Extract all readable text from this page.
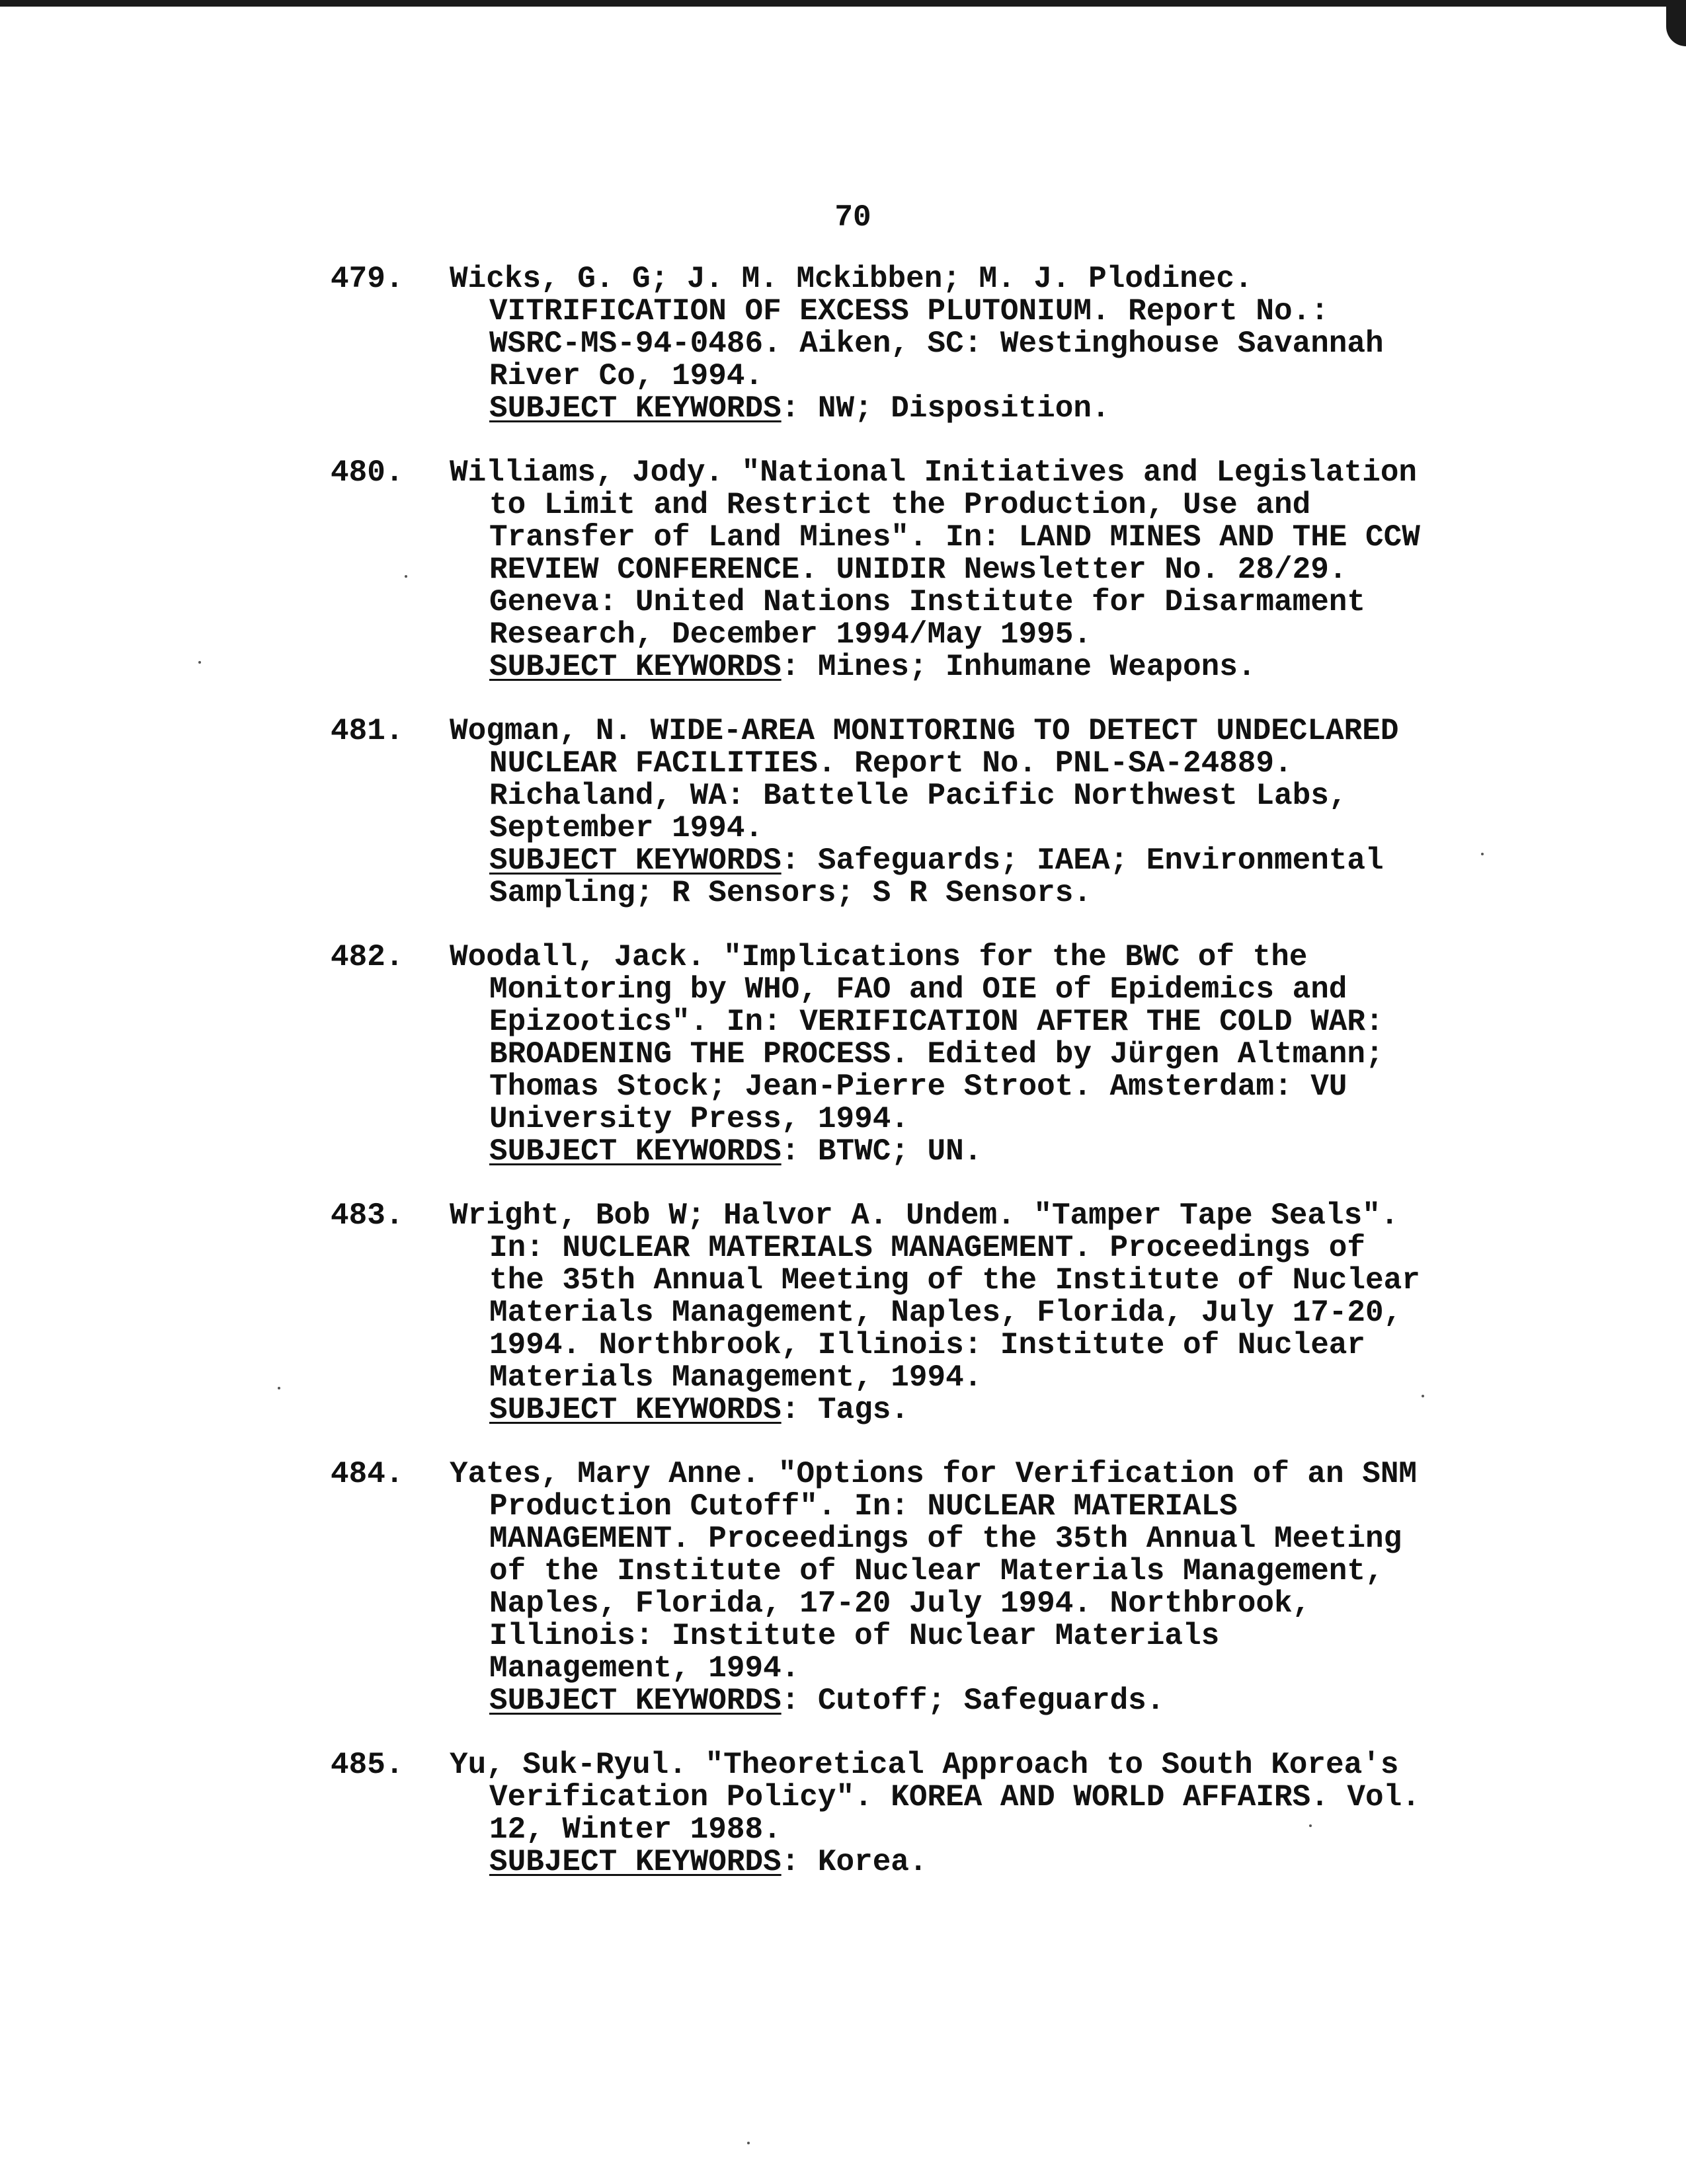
70
479.	Wicks, G. G; J. M. Mckibben; M. J. Plodinec.
VITRIFICATION OF EXCESS PLUTONIUM. Report No.:
WSRC-MS-94-0486. Aiken, SC: Westinghouse Savannah
River Co, 1994.
SUBJECT KEYWORDS: NW; Disposition.
480.	Williams, Jody. "National Initiatives and Legislation
to Limit and Restrict the Production, Use and
Transfer of Land Mines". In: LAND MINES AND THE CCW
REVIEW CONFERENCE. UNIDIR Newsletter No. 28/29.
Geneva: United Nations Institute for Disarmament
Research, December 1994/May 1995.
SUBJECT KEYWORDS: Mines; Inhumane Weapons.
481.	Wogman, N. WIDE-AREA MONITORING TO DETECT UNDECLARED
NUCLEAR FACILITIES. Report No. PNL-SA-24889.
Richaland, WA: Battelle Pacific Northwest Labs,
September 1994.
SUBJECT KEYWORDS: Safeguards; IAEA; Environmental
Sampling; R Sensors; S R Sensors.
482.	Woodall, Jack. "Implications for the BWC of the
Monitoring by WHO, FAO and OIE of Epidemics and
Epizootics". In: VERIFICATION AFTER THE COLD WAR:
BROADENING THE PROCESS. Edited by Jürgen Altmann;
Thomas Stock; Jean-Pierre Stroot. Amsterdam: VU
University Press, 1994.
SUBJECT KEYWORDS: BTWC; UN.
483.	Wright, Bob W; Halvor A. Undem. "Tamper Tape Seals".
In: NUCLEAR MATERIALS MANAGEMENT. Proceedings of
the 35th Annual Meeting of the Institute of Nuclear
Materials Management, Naples, Florida, July 17-20,
1994. Northbrook, Illinois: Institute of Nuclear
Materials Management, 1994.
SUBJECT KEYWORDS: Tags.
484.	Yates, Mary Anne. "Options for Verification of an SNM
Production Cutoff". In: NUCLEAR MATERIALS
MANAGEMENT. Proceedings of the 35th Annual Meeting
of the Institute of Nuclear Materials Management,
Naples, Florida, 17-20 July 1994. Northbrook,
Illinois: Institute of Nuclear Materials
Management, 1994.
SUBJECT KEYWORDS: Cutoff; Safeguards.
485.	Yu, Suk-Ryul. "Theoretical Approach to South Korea's
Verification Policy". KOREA AND WORLD AFFAIRS. Vol.
12, Winter 1988.
SUBJECT KEYWORDS: Korea.
